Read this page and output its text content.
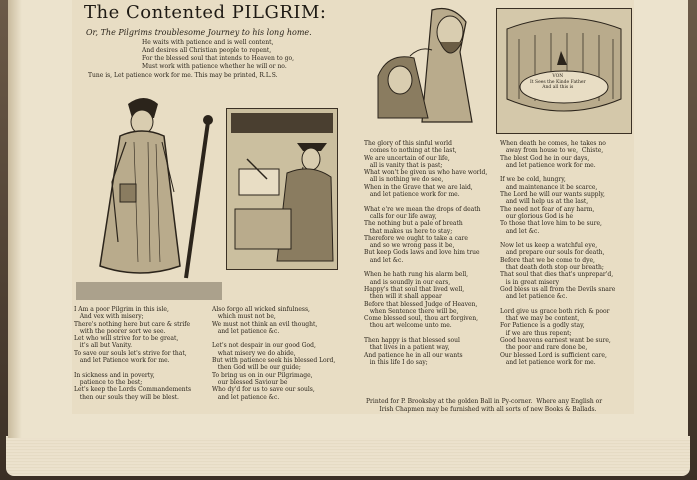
The Contented PILGRIM:
Or, The Pilgrims troublesome Journey to his long home.
He waits with patience and is well content,
And desires all Christian people to repent,
For the blessed soul that intends to Heaven to go,
Must work with patience whether he will or no.
Tune is, Let patience work for me. This may be printed, R.L.S.	VON
It Sees the Kinde Father
And all this is
I Am a poor Pilgrim in this isle,
And vex with misery;
There's nothing here but care & strife
with the poorer sort we see.
Let who will strive for to be great,
it's all but Vanity.
To save our souls let's strive for that,
and let Patience work for me.

In sickness and in poverty,
patience to the best;
Let's keep the Lords Commandements
then our souls they will be blest.
Also forgo all wicked sinfulness,
which must not be,
We must not think an evil thought,
and let patience &c.

Let's not despair in our good God,
what misery we do abide,
But with patience seek his blessed Lord,
then God will be our guide;
To bring us on in our Pilgrimage,
our blessed Saviour be
Who dy'd for us to save our souls,
and let patience &c.
The glory of this sinful world
comes to nothing at the last,
We are uncertain of our life,
all is vanity that is past;
What won't be given us who have world,
all is nothing we do see,
When in the Grave that we are laid,
and let patience work for me.

What e're we mean the drops of death
calls for our life away,
The nothing but a pale of breath
that makes us here to stay;
Therefore we ought to take a care
and so we wrong pass it be,
But keep Gods laws and love him true
and let &c.

When he hath rung his alarm bell,
and is soundly in our ears,
Happy's that soul that lived well,
then will it shall appear
Before that blessed Judge of Heaven,
when Sentence there will be,
Come blessed soul, thou art forgiven,
thou art welcome unto me.

Then happy is that blessed soul
that lives in a patient way,
And patience he in all our wants
in this life I do say;
When death he comes, he takes no
away from house to we,  Chiste,
The blest God he in our days,
and let patience work for me.

If we be cold, hungry,
and maintenance it be scarce,
The Lord he will our wants supply,
and will help us at the last,
The need not fear of any harm,
our glorious God is he
To those that love him to be sure,
and let &c.

Now let us keep a watchful eye,
and prepare our souls for death,
Before that we be come to dye,
that death doth stop our breath;
That soul that dies that's unprepar'd,
is in great misery
God bless us all from the Devils snare
and let patience &c.

Lord give us grace both rich & poor
that we may be content,
For Patience is a godly stay,
if we are thus repent;
Good heavens earnest want be sure,
the poor and rare done be,
Our blessed Lord is sufficient care,
and let patience work for me.
Printed for P. Brooksby at the golden Ball in Py-corner.  Where any English or
Irish Chapmen may be furnished with all sorts of new Books & Ballads.
